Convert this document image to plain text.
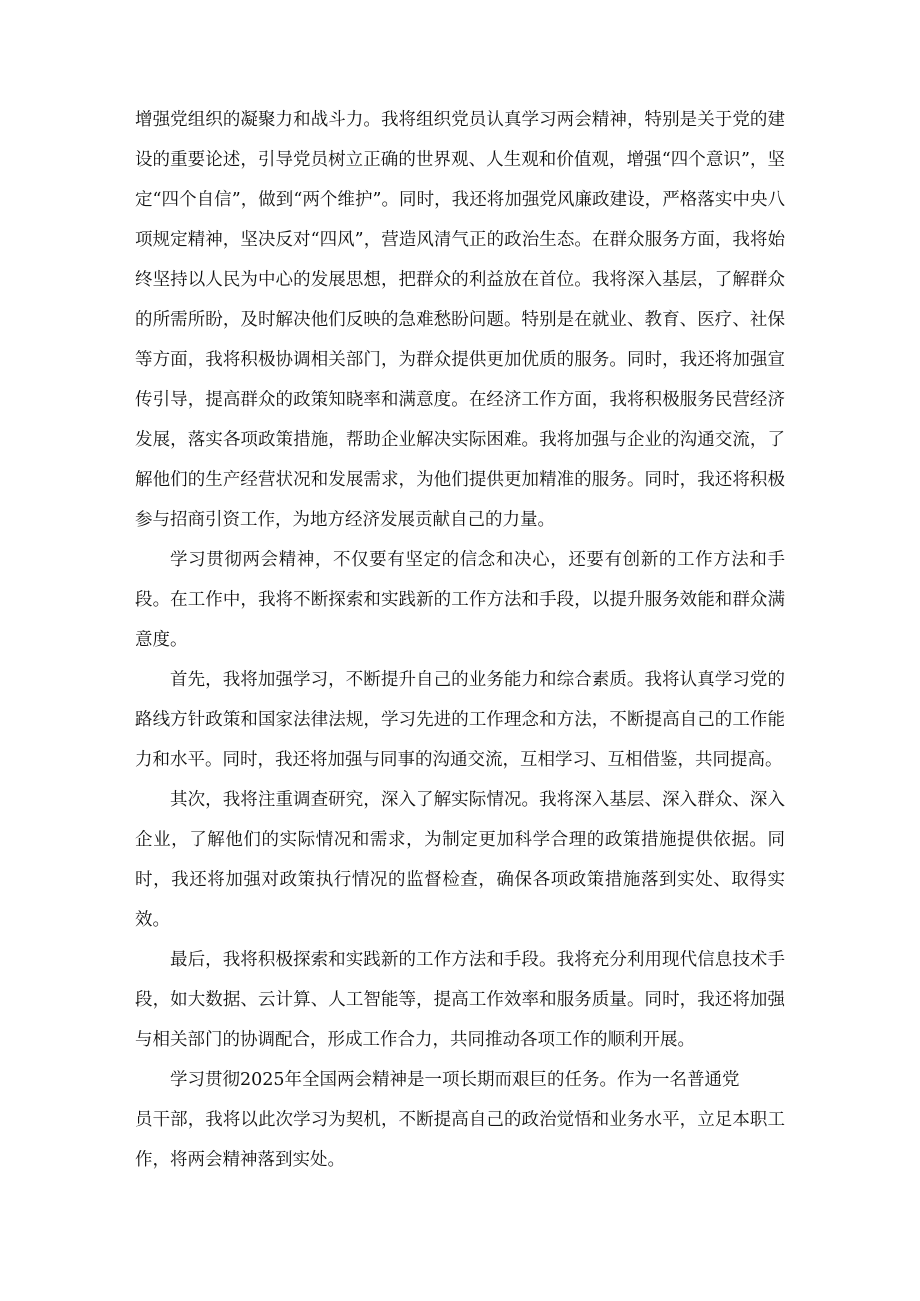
增强党组织的凝聚力和战斗力。我将组织党员认真学习两会精神，特别是关于党的建设的重要论述，引导党员树立正确的世界观、人生观和价值观，增强“四个意识”，坚定“四个自信”，做到“两个维护”。同时，我还将加强党风廉政建设，严格落实中央八项规定精神，坚决反对“四风”，营造风清气正的政治生态。在群众服务方面，我将始终坚持以人民为中心的发展思想，把群众的利益放在首位。我将深入基层，了解群众的所需所盼，及时解决他们反映的急难愁盼问题。特别是在就业、教育、医疗、社保等方面，我将积极协调相关部门，为群众提供更加优质的服务。同时，我还将加强宣传引导，提高群众的政策知晓率和满意度。在经济工作方面，我将积极服务民营经济发展，落实各项政策措施，帮助企业解决实际困难。我将加强与企业的沟通交流，了解他们的生产经营状况和发展需求，为他们提供更加精准的服务。同时，我还将积极参与招商引资工作，为地方经济发展贡献自己的力量。

学习贯彻两会精神，不仅要有坚定的信念和决心，还要有创新的工作方法和手段。在工作中，我将不断探索和实践新的工作方法和手段，以提升服务效能和群众满意度。

首先，我将加强学习，不断提升自己的业务能力和综合素质。我将认真学习党的路线方针政策和国家法律法规，学习先进的工作理念和方法，不断提高自己的工作能力和水平。同时，我还将加强与同事的沟通交流，互相学习、互相借鉴，共同提高。

其次，我将注重调查研究，深入了解实际情况。我将深入基层、深入群众、深入企业，了解他们的实际情况和需求，为制定更加科学合理的政策措施提供依据。同时，我还将加强对政策执行情况的监督检查，确保各项政策措施落到实处、取得实效。

最后，我将积极探索和实践新的工作方法和手段。我将充分利用现代信息技术手段，如大数据、云计算、人工智能等，提高工作效率和服务质量。同时，我还将加强与相关部门的协调配合，形成工作合力，共同推动各项工作的顺利开展。

学习贯彻2025年全国两会精神是一项长期而艰巨的任务。作为一名普通党
员干部，我将以此次学习为契机，不断提高自己的政治觉悟和业务水平，立足本职工作，将两会精神落到实处。
